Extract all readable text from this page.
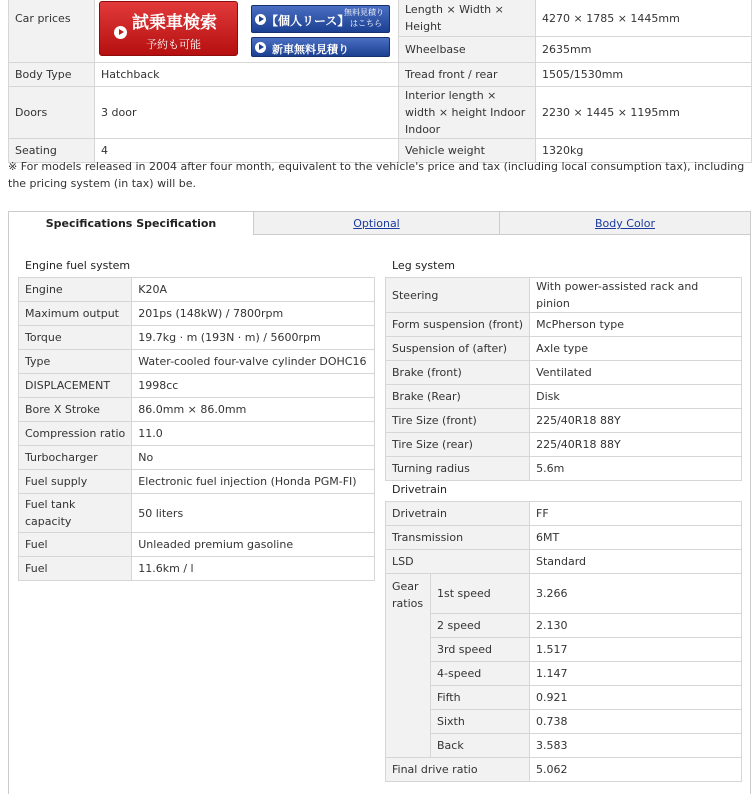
Car prices		Length × Width × Height	4270 × 1785 × 1445mm
		Wheelbase	2635mm
Body Type	Hatchback	Tread front / rear	1505/1530mm
Doors	3 door	Interior length × width × height Indoor Indoor	2230 × 1445 × 1195mm
Seating	4	Vehicle weight	1320kg
試乗車検索
予約も可能
【個人リース】
無料見積り
はこちら
新車無料見積り
※ For models released in 2004 after four month, equivalent to the vehicle's price and tax (including local consumption tax), including the pricing system (in tax) will be.
Specifications Specification	Optional	Body Color
Engine fuel system
Engine	K20A
Maximum output	201ps (148kW) / 7800rpm
Torque	19.7kg · m (193N · m) / 5600rpm
Type	Water-cooled four-valve cylinder DOHC16
DISPLACEMENT	1998cc
Bore X Stroke	86.0mm × 86.0mm
Compression ratio	11.0
Turbocharger	No
Fuel supply	Electronic fuel injection (Honda PGM-FI)
Fuel tank capacity	50 liters
Fuel	Unleaded premium gasoline
Fuel	11.6km / l
Leg system
Steering	With power-assisted rack and pinion
Form suspension (front)	McPherson type
Suspension of (after)	Axle type
Brake (front)	Ventilated
Brake (Rear)	Disk
Tire Size (front)	225/40R18 88Y
Tire Size (rear)	225/40R18 88Y
Turning radius	5.6m
Drivetrain
Drivetrain		FF
Transmission		6MT
LSD		Standard
Gear ratios	1st speed	3.266
	2 speed	2.130
	3rd speed	1.517
	4-speed	1.147
	Fifth	0.921
	Sixth	0.738
	Back	3.583
Final drive ratio		5.062
